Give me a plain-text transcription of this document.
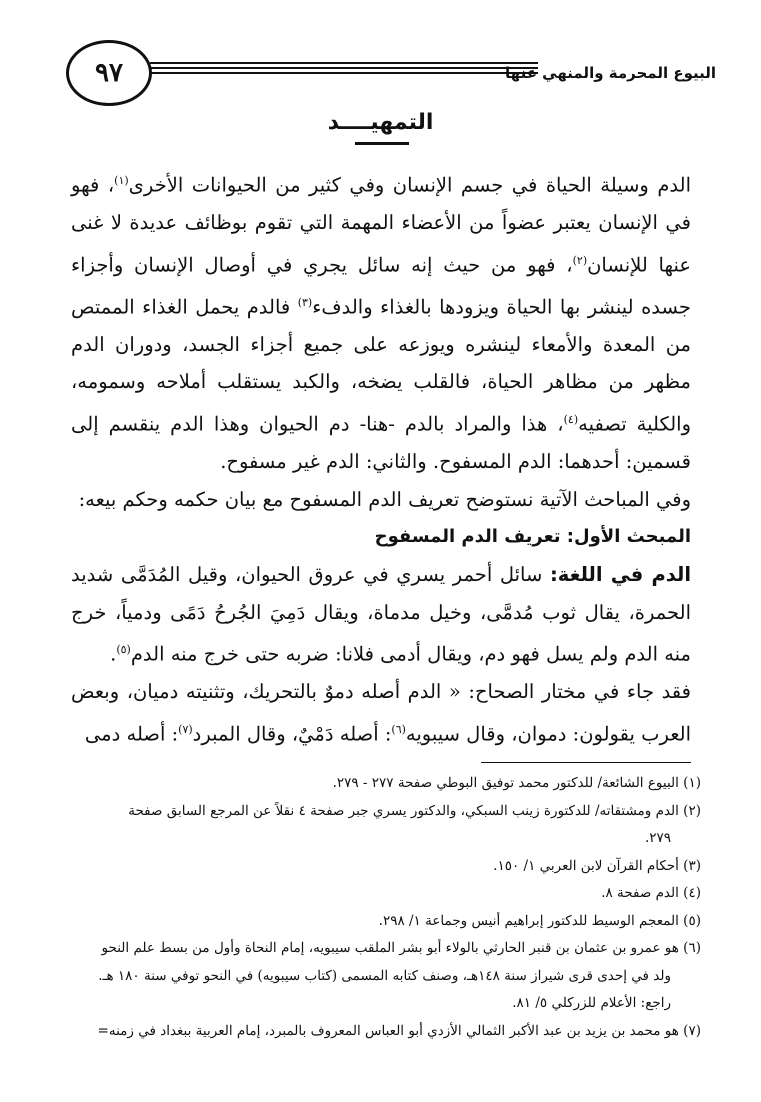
٩٧	البيوع المحرمة والمنهي عنها
التمهيــــد

الدم وسيلة الحياة في جسم الإنسان وفي كثير من الحيوانات الأخرى$^{(١)}$، فهو في الإنسان يعتبر عضواً من الأعضاء المهمة التي تقوم بوظائف عديدة لا غنى عنها للإنسان$^{(٢)}$، فهو من حيث إنه سائل يجري في أوصال الإنسان وأجزاء جسده لينشر بها الحياة ويزودها بالغذاء والدفء$^{(٣)}$ فالدم يحمل الغذاء الممتص من المعدة والأمعاء لينشره ويوزعه على جميع أجزاء الجسد، ودوران الدم مظهر من مظاهر الحياة، فالقلب يضخه، والكبد يستقلب أملاحه وسمومه، والكلية تصفيه$^{(٤)}$، هذا والمراد بالدم -هنا- دم الحيوان وهذا الدم ينقسم إلى قسمين: أحدهما: الدم المسفوح. والثاني: الدم غير مسفوح.

وفي المباحث الآتية نستوضح تعريف الدم المسفوح مع بيان حكمه وحكم بيعه:

المبحث الأول: تعريف الدم المسفوح

الدم في اللغة: سائل أحمر يسري في عروق الحيوان، وقيل المُدَمَّى شديد الحمرة، يقال ثوب مُدمَّى، وخيل مدماة، ويقال دَمِيَ الجُرحُ دَمًى ودمياً، خرج منه الدم ولم يسل فهو دم، ويقال أدمى فلانا: ضربه حتى خرج منه الدم$^{(٥)}$.

فقد جاء في مختار الصحاح: « الدم أصله دموٌ بالتحريك، وتثنيته دميان، وبعض العرب يقولون: دموان، وقال سيبويه$^{(٦)}$: أصله دَمْيٌ، وقال المبرد$^{(٧)}$: أصله دمى

(١) البيوع الشائعة/ للدكتور محمد توفيق البوطي صفحة ٢٧٧ - ٢٧٩.
(٢) الدم ومشتقاته/ للدكتورة زينب السبكي، والدكتور يسري جبر صفحة ٤ نقلاً عن المرجع السابق صفحة
٢٧٩.
(٣) أحكام القرآن لابن العربي ١/ ١٥٠.
(٤) الدم صفحة ٨.
(٥) المعجم الوسيط للدكتور إبراهيم أنيس وجماعة ١/ ٢٩٨.
(٦) هو عمرو بن عثمان بن قنبر الحارثي بالولاء أبو بشر الملقب سيبويه، إمام النحاة وأول من بسط علم النحو
ولد في إحدى قرى شيراز سنة ١٤٨هـ، وصنف كتابه المسمى (كتاب سيبويه) في النحو توفي سنة ١٨٠ هـ.
راجع: الأعلام للزركلي ٥/ ٨١.
(٧) هو محمد بن يزيد بن عبد الأكبر الثمالي الأزدي أبو العباس المعروف بالمبرد، إمام العربية ببغداد في زمنه=
